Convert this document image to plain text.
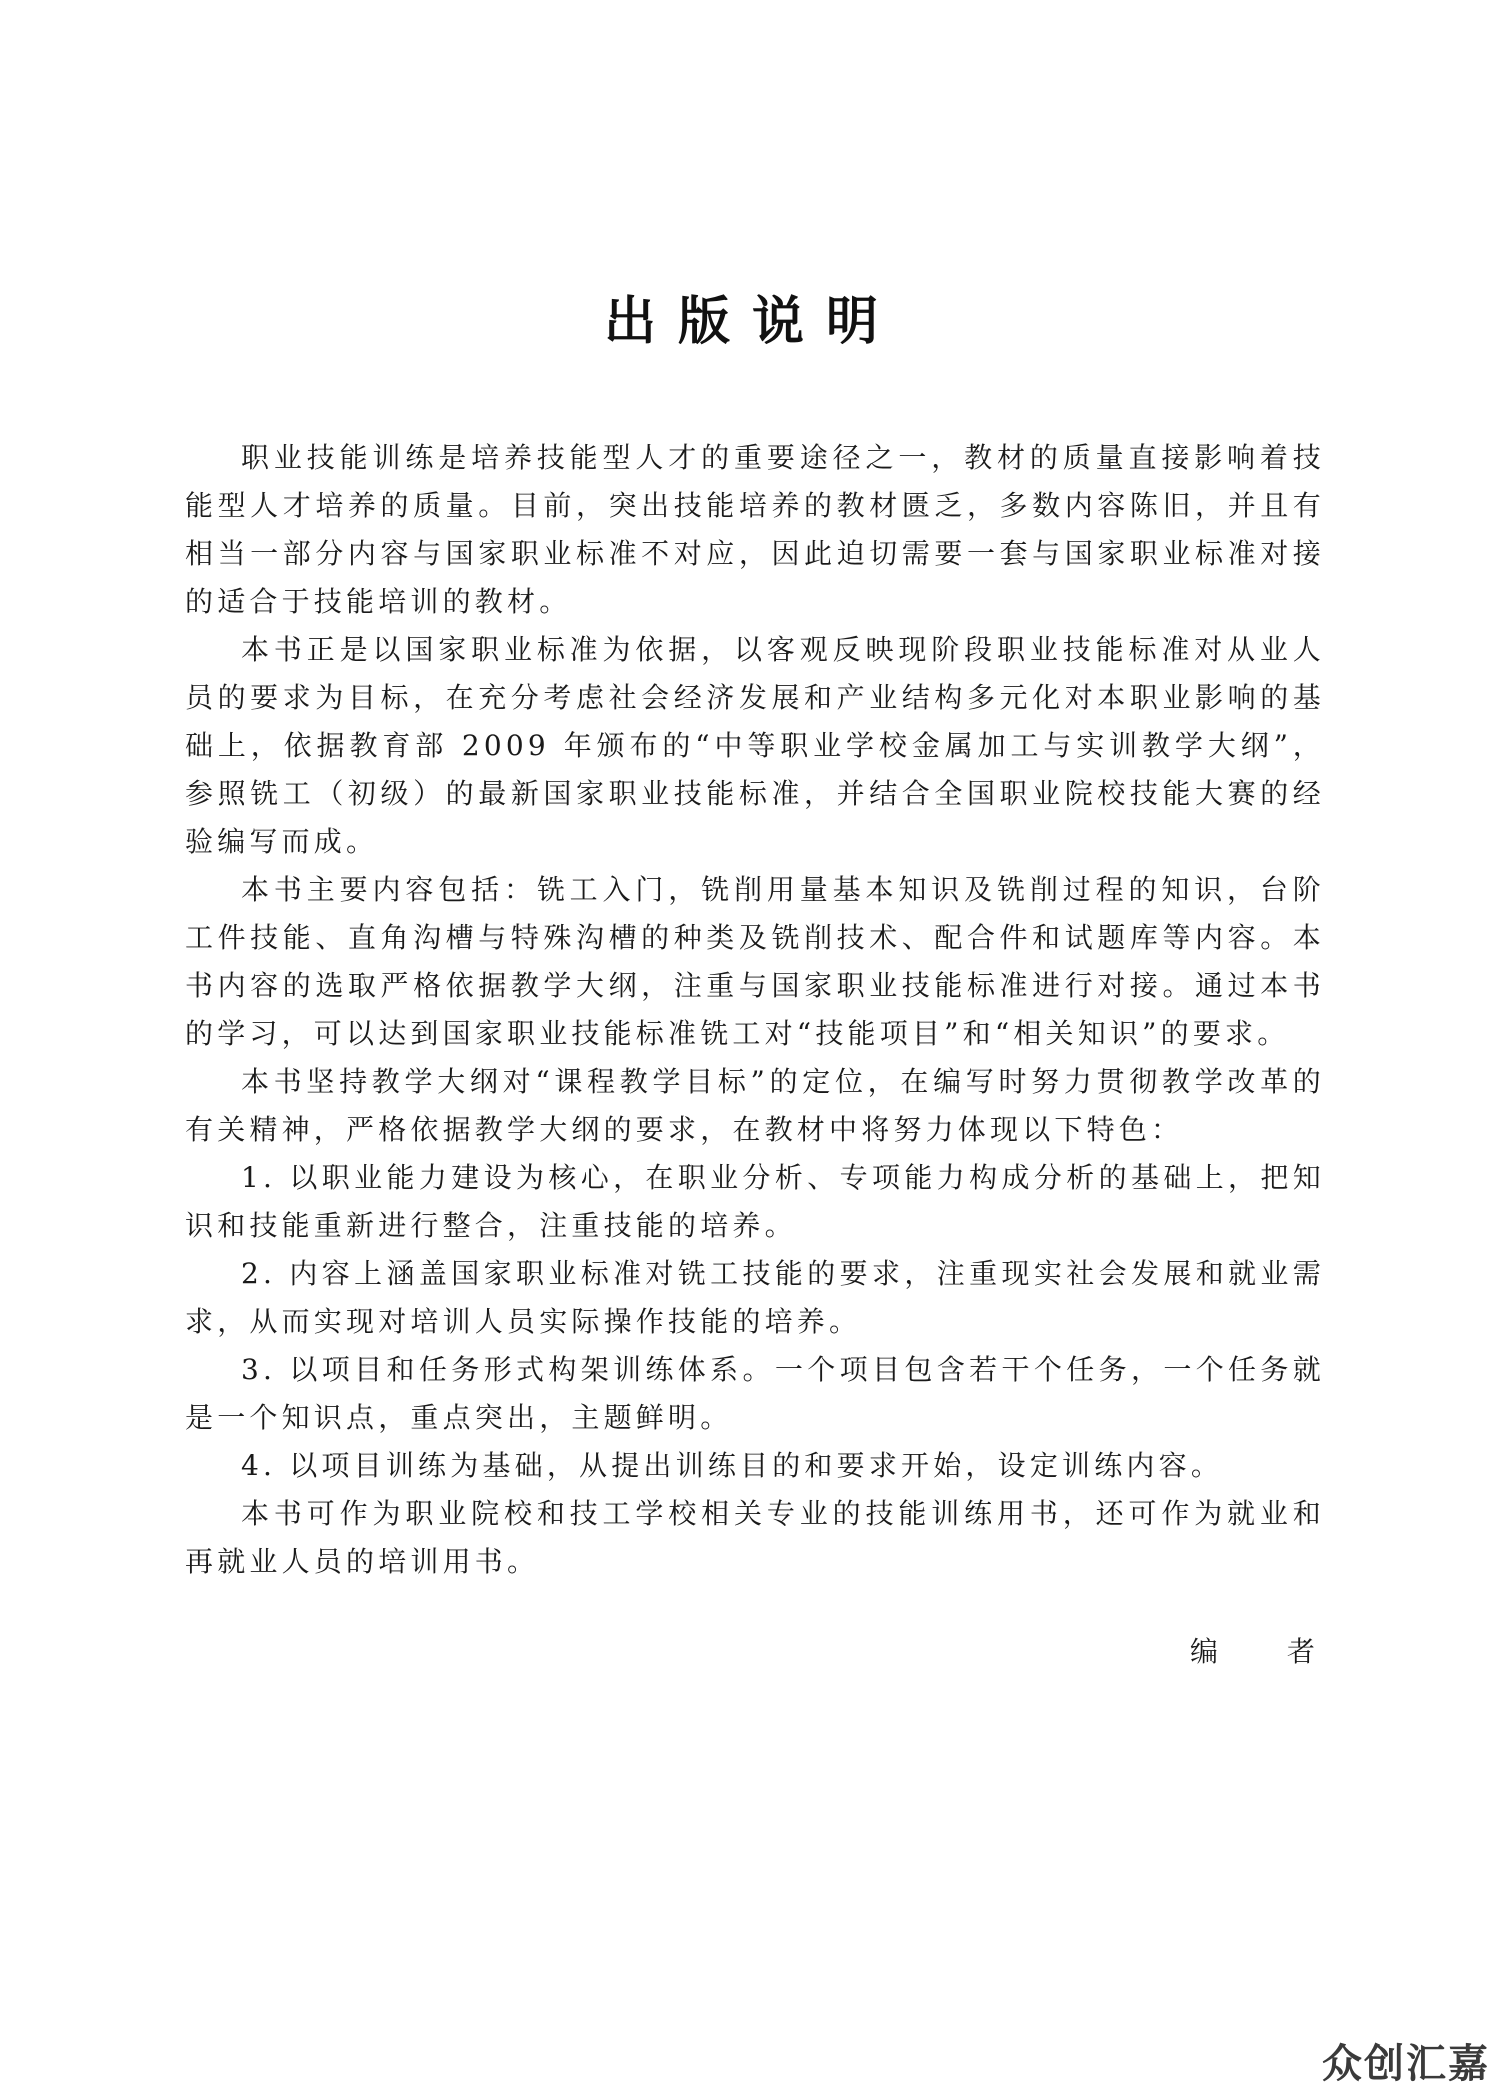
出版说明

职业技能训练是培养技能型人才的重要途径之一，教材的质量直接影响着技能型人才培养的质量。目前，突出技能培养的教材匮乏，多数内容陈旧，并且有相当一部分内容与国家职业标准不对应，因此迫切需要一套与国家职业标准对接的适合于技能培训的教材。

本书正是以国家职业标准为依据，以客观反映现阶段职业技能标准对从业人员的要求为目标，在充分考虑社会经济发展和产业结构多元化对本职业影响的基础上，依据教育部 2009 年颁布的“中等职业学校金属加工与实训教学大纲”，参照铣工（初级）的最新国家职业技能标准，并结合全国职业院校技能大赛的经验编写而成。

本书主要内容包括：铣工入门，铣削用量基本知识及铣削过程的知识，台阶工件技能、直角沟槽与特殊沟槽的种类及铣削技术、配合件和试题库等内容。本书内容的选取严格依据教学大纲，注重与国家职业技能标准进行对接。通过本书的学习，可以达到国家职业技能标准铣工对“技能项目”和“相关知识”的要求。

本书坚持教学大纲对“课程教学目标”的定位，在编写时努力贯彻教学改革的有关精神，严格依据教学大纲的要求，在教材中将努力体现以下特色：

1. 以职业能力建设为核心，在职业分析、专项能力构成分析的基础上，把知识和技能重新进行整合，注重技能的培养。

2. 内容上涵盖国家职业标准对铣工技能的要求，注重现实社会发展和就业需求，从而实现对培训人员实际操作技能的培养。

3. 以项目和任务形式构架训练体系。一个项目包含若干个任务，一个任务就是一个知识点，重点突出，主题鲜明。

4. 以项目训练为基础，从提出训练目的和要求开始，设定训练内容。

本书可作为职业院校和技工学校相关专业的技能训练用书，还可作为就业和再就业人员的培训用书。

编 者
众创汇嘉
